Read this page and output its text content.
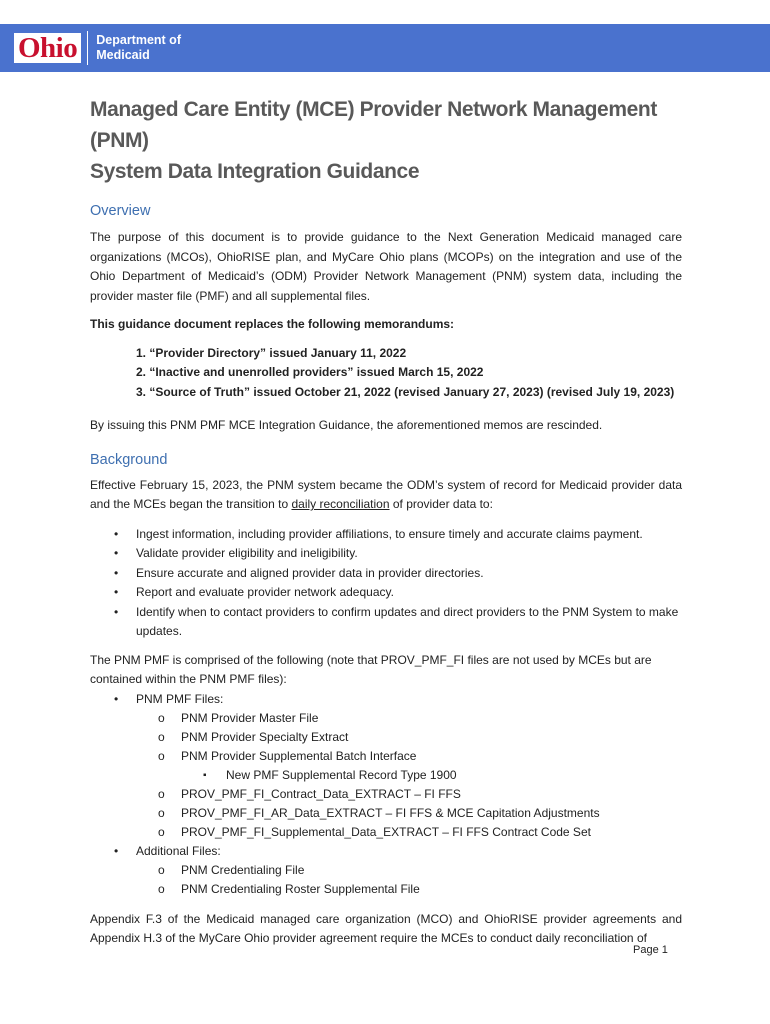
Ohio	Department of
Medicaid
Managed Care Entity (MCE) Provider Network Management (PNM)
System Data Integration Guidance
Overview

The purpose of this document is to provide guidance to the Next Generation Medicaid managed care organizations (MCOs), OhioRISE plan, and MyCare Ohio plans (MCOPs) on the integration and use of the Ohio Department of Medicaid’s (ODM) Provider Network Management (PNM) system data, including the provider master file (PMF) and all supplemental files.

This guidance document replaces the following memorandums:

1. “Provider Directory” issued January 11, 2022
2. “Inactive and unenrolled providers” issued March 15, 2022
3. “Source of Truth” issued October 21, 2022 (revised January 27, 2023) (revised July 19, 2023)

By issuing this PNM PMF MCE Integration Guidance, the aforementioned memos are rescinded.

Background

Effective February 15, 2023, the PNM system became the ODM’s system of record for Medicaid provider data and the MCEs began the transition to daily reconciliation of provider data to:

• Ingest information, including provider affiliations, to ensure timely and accurate claims payment.
• Validate provider eligibility and ineligibility.
• Ensure accurate and aligned provider data in provider directories.
• Report and evaluate provider network adequacy.
• Identify when to contact providers to confirm updates and direct providers to the PNM System to make updates.

The PNM PMF is comprised of the following (note that PROV_PMF_FI files are not used by MCEs but are contained within the PNM PMF files):

• PNM PMF Files:
o PNM Provider Master File
o PNM Provider Specialty Extract
o PNM Provider Supplemental Batch Interface
▪ New PMF Supplemental Record Type 1900
o PROV_PMF_FI_Contract_Data_EXTRACT – FI FFS
o PROV_PMF_FI_AR_Data_EXTRACT – FI FFS & MCE Capitation Adjustments
o PROV_PMF_FI_Supplemental_Data_EXTRACT – FI FFS Contract Code Set
• Additional Files:
o PNM Credentialing File
o PNM Credentialing Roster Supplemental File

Appendix F.3 of the Medicaid managed care organization (MCO) and OhioRISE provider agreements and Appendix H.3 of the MyCare Ohio provider agreement require the MCEs to conduct daily reconciliation of

Page 1
